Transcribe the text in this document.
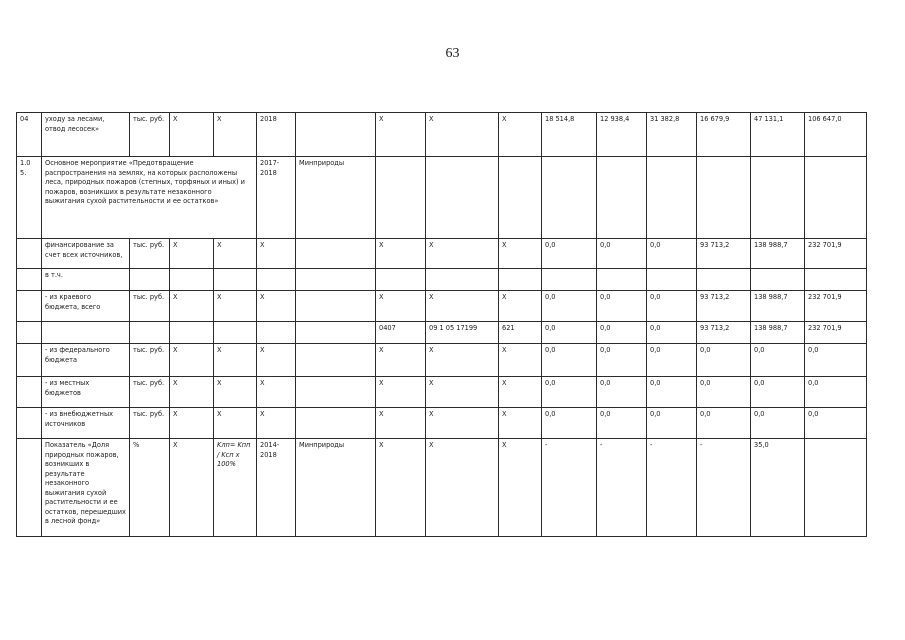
63
04	уходу за лесами, отвод лесосек»	тыс. руб.	Х	Х	2018		Х	Х	Х	18 514,8	12 938,4	31 382,8	16 679,9	47 131,1	106 647,0
1.0 5.	Основное мероприятие «Предотвращение распространения на землях, на которых расположены леса, природных пожаров (степных, торфяных и иных) и пожаров, возникших в результате незаконного выжигания сухой растительности и ее остатков»				2017-2018	Минприроды									
	финансирование за счет всех источников,	тыс. руб.	Х	Х	Х		Х	Х	Х	0,0	0,0	0,0	93 713,2	138 988,7	232 701,9
	в т.ч.														
	- из краевого бюджета, всего	тыс. руб.	Х	Х	Х		Х	Х	Х	0,0	0,0	0,0	93 713,2	138 988,7	232 701,9
							0407	09 1 05 17199	621	0,0	0,0	0,0	93 713,2	138 988,7	232 701,9
	- из федерального бюджета	тыс. руб.	Х	Х	Х		Х	Х	Х	0,0	0,0	0,0	0,0	0,0	0,0
	- из местных бюджетов	тыс. руб.	Х	Х	Х		Х	Х	Х	0,0	0,0	0,0	0,0	0,0	0,0
	- из внебюджетных источников	тыс. руб.	Х	Х	Х		Х	Х	Х	0,0	0,0	0,0	0,0	0,0	0,0
	Показатель «Доля природных пожаров, возникших в результате незаконного выжигания сухой растительности и ее остатков, перешедших в лесной фонд»	%	Х	Kлп= Kпп / Kсп х 100%	2014-2018	Минприроды	Х	Х	Х	-	-	-	-	35,0	
